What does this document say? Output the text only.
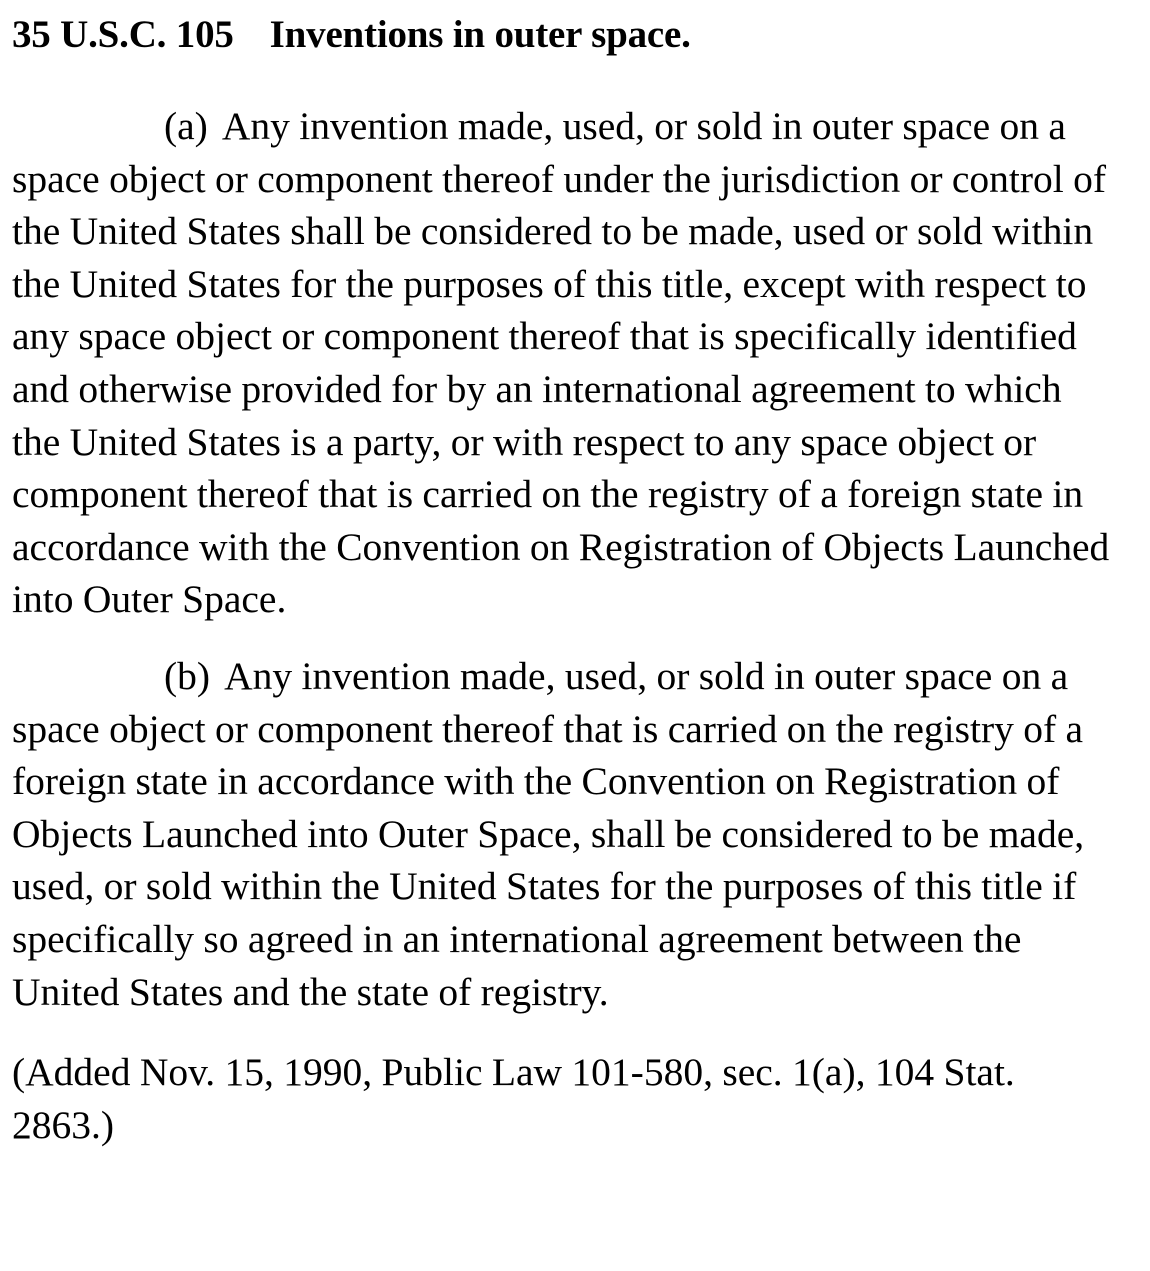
35 U.S.C. 105 Inventions in outer space.

(a) Any invention made, used, or sold in outer space on a space object or component thereof under the jurisdiction or control of the United States shall be considered to be made, used or sold within the United States for the purposes of this title, except with respect to any space object or component thereof that is specifically identified and otherwise provided for by an international agreement to which the United States is a party, or with respect to any space object or component thereof that is carried on the registry of a foreign state in accordance with the Convention on Registration of Objects Launched into Outer Space.

(b) Any invention made, used, or sold in outer space on a space object or component thereof that is carried on the registry of a foreign state in accordance with the Convention on Registration of Objects Launched into Outer Space, shall be considered to be made, used, or sold within the United States for the purposes of this title if specifically so agreed in an international agreement between the United States and the state of registry.

(Added Nov. 15, 1990, Public Law 101-580, sec. 1(a), 104 Stat. 2863.)
